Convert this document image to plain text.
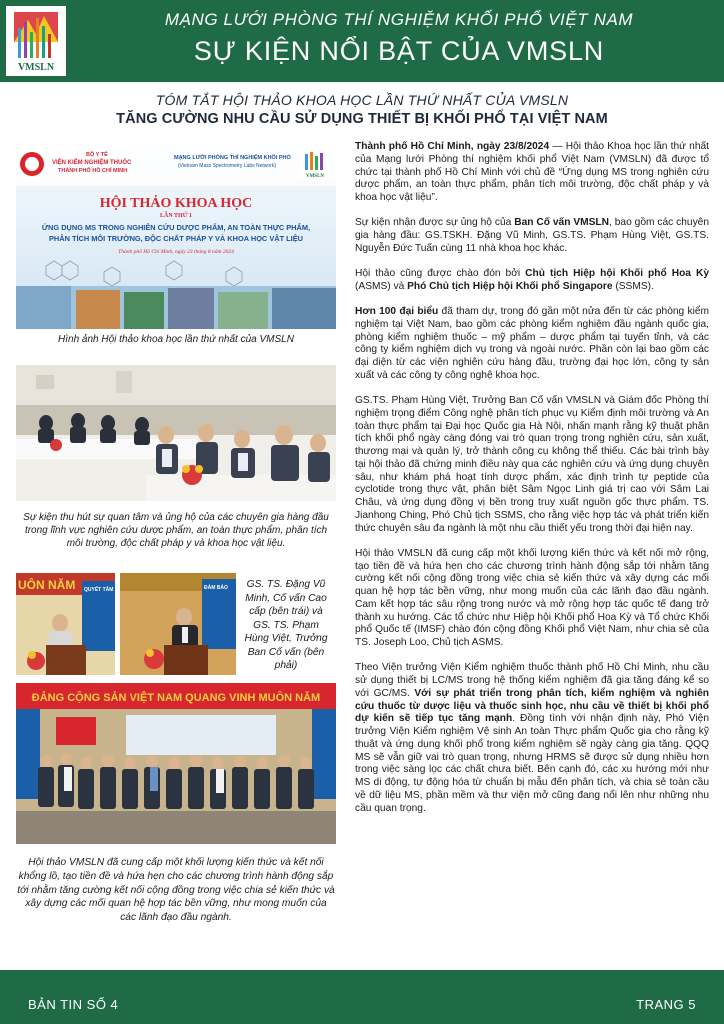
VMSLN
MẠNG LƯỚI PHÒNG THÍ NGHIỆM KHỐI PHỔ VIỆT NAM
SỰ KIỆN NỔI BẬT CỦA VMSLN
TÓM TẮT HỘI THẢO KHOA HỌC LẦN THỨ NHẤT CỦA VMSLN
TĂNG CƯỜNG NHU CẦU SỬ DỤNG THIẾT BỊ KHỐI PHỔ TẠI VIỆT NAM
BỘ Y TẾ
VIỆN KIỂM NGHIỆM THUỐC
THÀNH PHỐ HỒ CHÍ MINH
MẠNG LƯỚI PHÒNG THÍ NGHIỆM KHỐI PHỔ
(Vietnam Mass Spectrometry Labs Network)
VMSLN
HỘI THẢO KHOA HỌC
LẦN THỨ 1
ỨNG DỤNG MS TRONG NGHIÊN CỨU DƯỢC PHẨM, AN TOÀN THỰC PHẨM,
PHÂN TÍCH MÔI TRƯỜNG, ĐỘC CHẤT PHÁP Y VÀ KHOA HỌC VẬT LIỆU
Thành phố Hồ Chí Minh, ngày 23 tháng 8 năm 2024
Hình ảnh Hội thảo khoa học lần thứ nhất của VMSLN
Sự kiện thu hút sự quan tâm và ủng hộ của các chuyên gia hàng đầu trong lĩnh vực nghiên cứu dược phẩm, an toàn thực phẩm, phân tích môi trường, độc chất pháp y và khoa học vật liệu.
UÔN NĂM QUYẾT TÂM	ĐẢM BẢO	GS. TS. Đặng Vũ Minh, Cố vấn Cao cấp (bên trái) và GS. TS. Phạm Hùng Việt, Trưởng Ban Cố vấn (bên phải)
ĐẢNG CỘNG SẢN VIỆT NAM QUANG VINH MUÔN NĂM
Hội thảo VMSLN đã cung cấp một khối lượng kiến thức và kết nối khổng lồ, tạo tiền đề và hứa hẹn cho các chương trình hành động sắp tới nhằm tăng cường kết nối cộng đồng trong việc chia sẻ kiến thức và xây dựng các mối quan hệ hợp tác bền vững, như mong muốn của các lãnh đạo đầu ngành.

Thành phố Hồ Chí Minh, ngày 23/8/2024 — Hội thảo Khoa học lần thứ nhất của Mạng lưới Phòng thí nghiệm khối phổ Việt Nam (VMSLN) đã được tổ chức tại thành phố Hồ Chí Minh với chủ đề “Ứng dụng MS trong nghiên cứu dược phẩm, an toàn thực phẩm, phân tích môi trường, độc chất pháp y và khoa học vật liệu”.

Sự kiện nhận được sự ủng hộ của Ban Cố vấn VMSLN, bao gồm các chuyên gia hàng đầu: GS.TSKH. Đặng Vũ Minh, GS.TS. Phạm Hùng Việt, GS.TS. Nguyễn Đức Tuấn cùng 11 nhà khoa học khác.

Hội thảo cũng được chào đón bởi Chủ tịch Hiệp hội Khối phổ Hoa Kỳ (ASMS) và Phó Chủ tịch Hiệp hội Khối phổ Singapore (SSMS).

Hơn 100 đại biểu đã tham dự, trong đó gần một nửa đến từ các phòng kiểm nghiệm tại Việt Nam, bao gồm các phòng kiểm nghiệm đầu ngành quốc gia, phòng kiểm nghiệm thuốc – mỹ phẩm – dược phẩm tại tuyến tỉnh, và các công ty kiểm nghiệm dịch vụ trong và ngoài nước. Phần còn lại bao gồm các đại diện từ các viện nghiên cứu hàng đầu, trường đại học lớn, công ty sản xuất và các công ty công nghệ khoa học.

GS.TS. Phạm Hùng Việt, Trưởng Ban Cố vấn VMSLN và Giám đốc Phòng thí nghiệm trọng điểm Công nghệ phân tích phục vụ Kiểm định môi trường và An toàn thực phẩm tại Đại học Quốc gia Hà Nội, nhấn mạnh rằng kỹ thuật phân tích khối phổ ngày càng đóng vai trò quan trọng trong nghiên cứu, sản xuất, thương mại và quản lý, trở thành công cụ không thể thiếu. Các bài trình bày tại hội thảo đã chứng minh điều này qua các nghiên cứu và ứng dụng chuyên sâu, như khám phá hoạt tính dược phẩm, xác định trình tự peptide của cyclotide trong thực vật, phân biệt Sâm Ngọc Linh giá trị cao với Sâm Lai Châu, và ứng dụng đồng vị bền trong truy xuất nguồn gốc thực phẩm. TS. Jianhong Ching, Phó Chủ tịch SSMS, cho rằng việc hợp tác và phát triển kiến thức chuyên sâu đa ngành là một nhu cầu thiết yếu trong thời đại hiện nay.

Hội thảo VMSLN đã cung cấp một khối lượng kiến thức và kết nối mở rộng, tạo tiền đề và hứa hẹn cho các chương trình hành động sắp tới nhằm tăng cường kết nối cộng đồng trong việc chia sẻ kiến thức và xây dựng các mối quan hệ hợp tác bền vững, như mong muốn của các lãnh đạo đầu ngành. Cam kết hợp tác sâu rộng trong nước và mở rộng hợp tác quốc tế đang trở thành xu hướng. Các tổ chức như Hiệp hội Khối phổ Hoa Kỳ và Tổ chức Khối phổ Quốc tế (IMSF) chào đón cộng đồng Khối phổ Việt Nam, như chia sẻ của TS. Joseph Loo, Chủ tịch ASMS.

Theo Viện trưởng Viện Kiểm nghiệm thuốc thành phố Hồ Chí Minh, nhu cầu sử dụng thiết bị LC/MS trong hệ thống kiểm nghiệm đã gia tăng đáng kể so với GC/MS. Với sự phát triển trong phân tích, kiểm nghiệm và nghiên cứu thuốc từ dược liệu và thuốc sinh học, nhu cầu về thiết bị khối phổ dự kiến sẽ tiếp tục tăng mạnh. Đồng tình với nhận định này, Phó Viện trưởng Viện Kiểm nghiệm Vệ sinh An toàn Thực phẩm Quốc gia cho rằng kỹ thuật và ứng dụng khối phổ trong kiểm nghiệm sẽ ngày càng gia tăng. QQQ MS sẽ vẫn giữ vai trò quan trọng, nhưng HRMS sẽ được sử dụng nhiều hơn trong việc sàng lọc các chất chưa biết. Bên cạnh đó, các xu hướng mới như MS di động, tự động hóa từ chuẩn bị mẫu đến phân tích, và chia sẻ toàn cầu về dữ liệu MS, phần mềm và thư viện mở cũng đang nổi lên như những nhu cầu quan trọng.

BẢN TIN SỐ 4	TRANG 5
